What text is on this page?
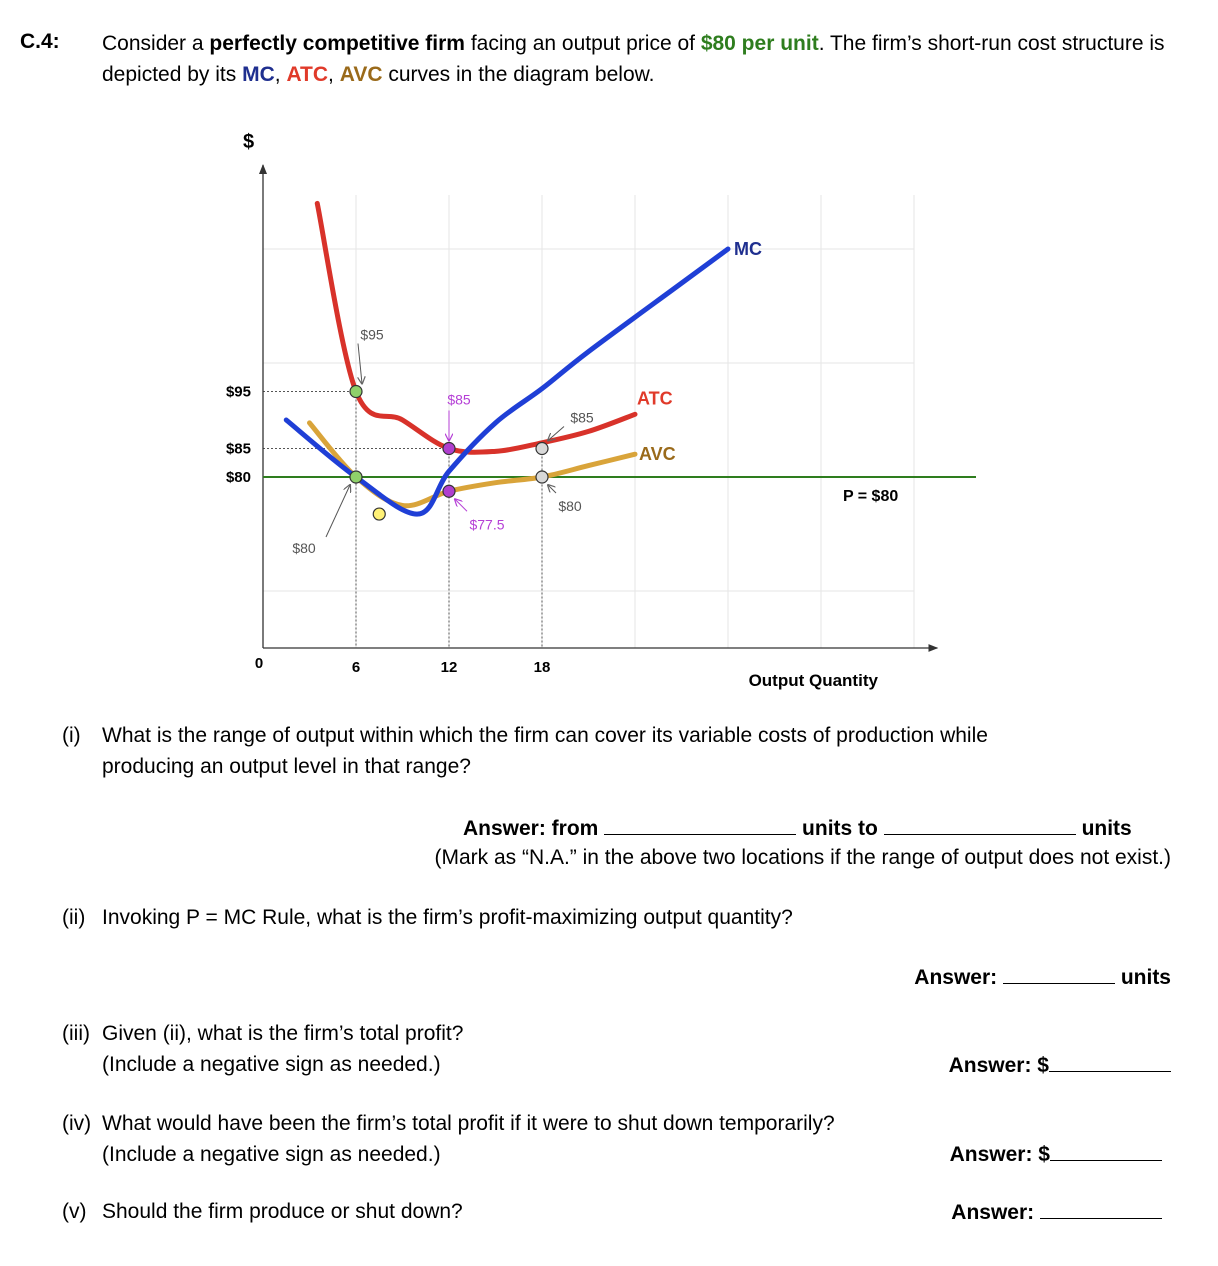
C.4: Consider a perfectly competitive firm facing an output price of $80 per unit. The firm’s short-run cost structure is depicted by its MC, ATC, AVC curves in the diagram below.
$
0
$95
$85
$80
6	12	18
Output Quantity
P = $80
$95
$80
$85
$77.5
$85
$80
MC
ATC
AVC
(i) What is the range of output within which the firm can cover its variable costs of production while
producing an output level in that range?
Answer: from	units to	units
(Mark as “N.A.” in the above two locations if the range of output does not exist.)
(ii) Invoking P = MC Rule, what is the firm’s profit-maximizing output quantity?
Answer:	units
(iii) Given (ii), what is the firm’s total profit?
(Include a negative sign as needed.)	Answer: $
(iv) What would have been the firm’s total profit if it were to shut down temporarily?
(Include a negative sign as needed.)	Answer: $
(v) Should the firm produce or shut down?	Answer:
